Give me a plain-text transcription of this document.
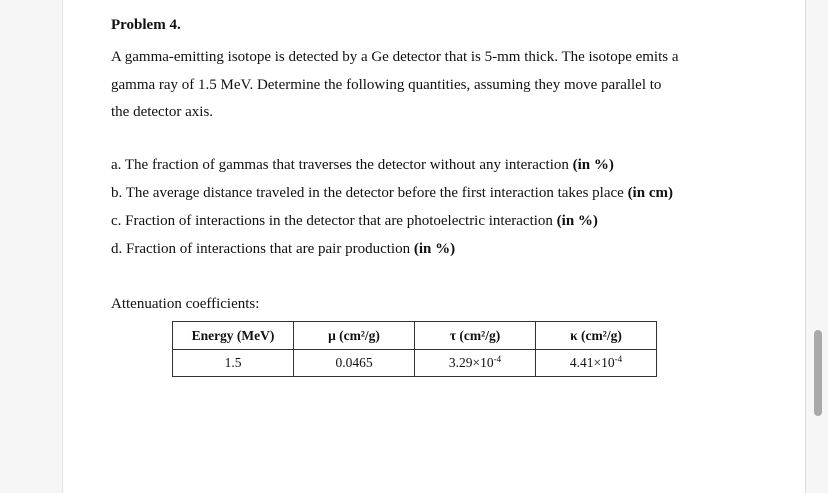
Problem 4.
A gamma-emitting isotope is detected by a Ge detector that is 5-mm thick. The isotope emits a
gamma ray of 1.5 MeV. Determine the following quantities, assuming they move parallel to
the detector axis.
a. The fraction of gammas that traverses the detector without any interaction (in %)
b. The average distance traveled in the detector before the first interaction takes place (in cm)
c. Fraction of interactions in the detector that are photoelectric interaction (in %)
d. Fraction of interactions that are pair production (in %)
Attenuation coefficients:
Energy (MeV)	μ (cm²/g)	τ (cm²/g)	κ (cm²/g)
1.5	0.0465	$3.29\times 10^{-4}$	$4.41\times 10^{-4}$
